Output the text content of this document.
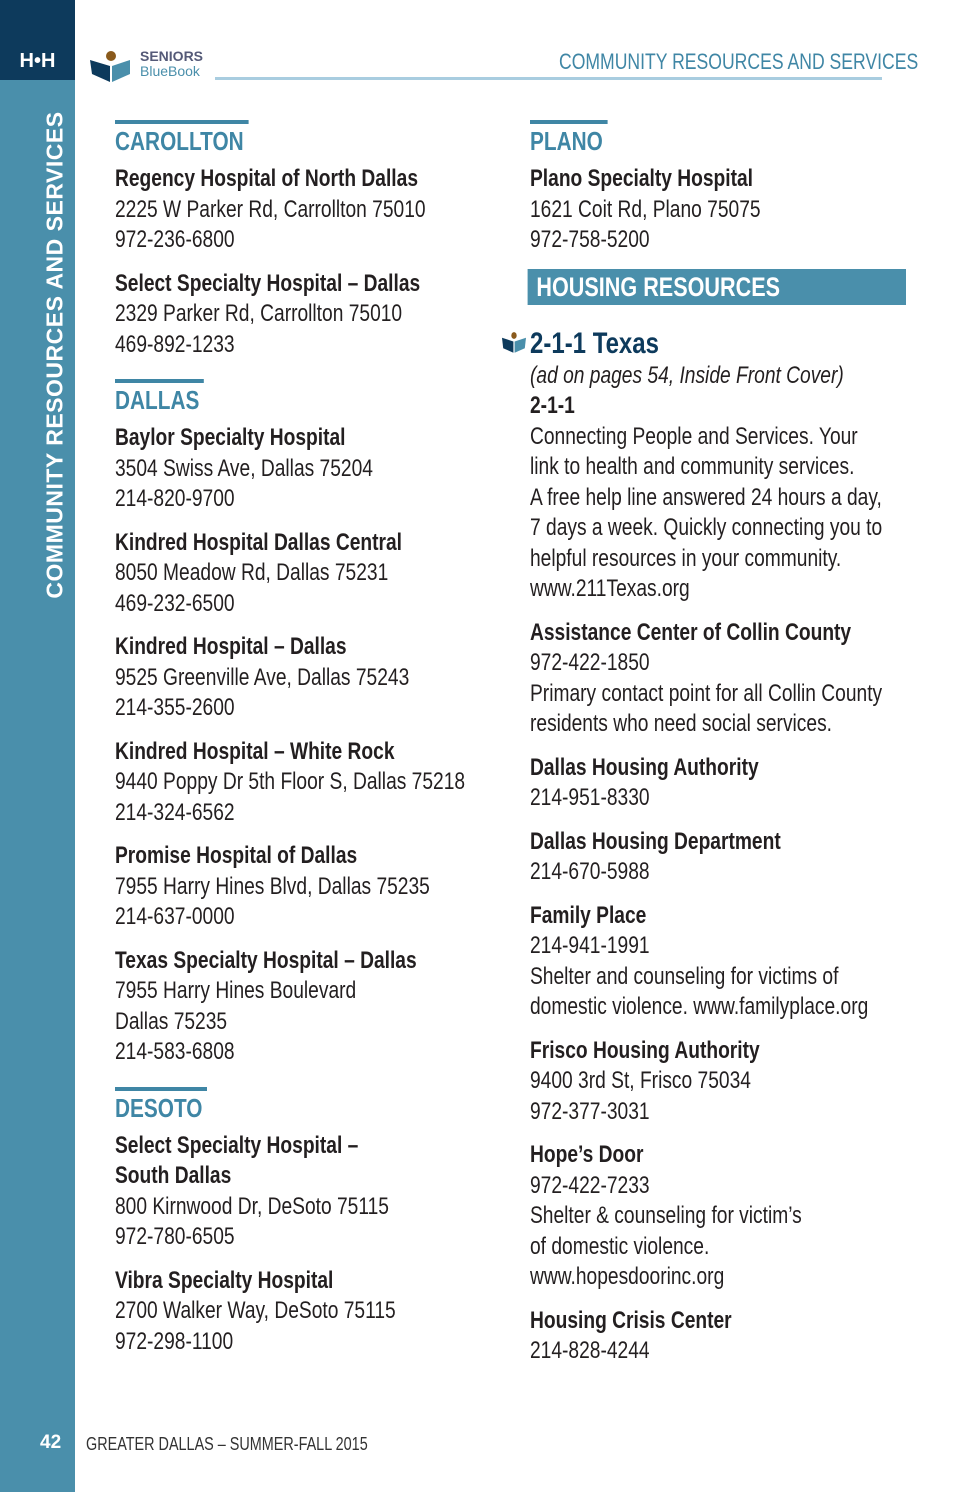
H•H
COMMUNITY RESOURCES AND SERVICES
42 GREATER DALLAS – SUMMER-FALL 2015
SENIORS
BlueBook	COMMUNITY RESOURCES AND SERVICES
CAROLLTON
Regency Hospital of North Dallas
2225 W Parker Rd, Carrollton 75010
972-236-6800
Select Specialty Hospital – Dallas
2329 Parker Rd, Carrollton 75010
469-892-1233
DALLAS
Baylor Specialty Hospital
3504 Swiss Ave, Dallas 75204
214-820-9700
Kindred Hospital Dallas Central
8050 Meadow Rd, Dallas 75231
469-232-6500
Kindred Hospital – Dallas
9525 Greenville Ave, Dallas 75243
214-355-2600
Kindred Hospital – White Rock
9440 Poppy Dr 5th Floor S, Dallas 75218
214-324-6562
Promise Hospital of Dallas
7955 Harry Hines Blvd, Dallas 75235
214-637-0000
Texas Specialty Hospital – Dallas
7955 Harry Hines Boulevard
Dallas 75235
214-583-6808
DESOTO
Select Specialty Hospital – South Dallas
800 Kirnwood Dr, DeSoto 75115
972-780-6505
Vibra Specialty Hospital
2700 Walker Way, DeSoto 75115
972-298-1100
PLANO
Plano Specialty Hospital
1621 Coit Rd, Plano 75075
972-758-5200
HOUSING RESOURCES
2-1-1 Texas
(ad on pages 54, Inside Front Cover)
2-1-1
Connecting People and Services. Your
link to health and community services.
A free help line answered 24 hours a day,
7 days a week. Quickly connecting you to
helpful resources in your community.
www.211Texas.org
Assistance Center of Collin County
972-422-1850
Primary contact point for all Collin County
residents who need social services.
Dallas Housing Authority
214-951-8330
Dallas Housing Department
214-670-5988
Family Place
214-941-1991
Shelter and counseling for victims of
domestic violence. www.familyplace.org
Frisco Housing Authority
9400 3rd St, Frisco 75034
972-377-3031
Hope’s Door
972-422-7233
Shelter & counseling for victim’s
of domestic violence.
www.hopesdoorinc.org
Housing Crisis Center
214-828-4244
